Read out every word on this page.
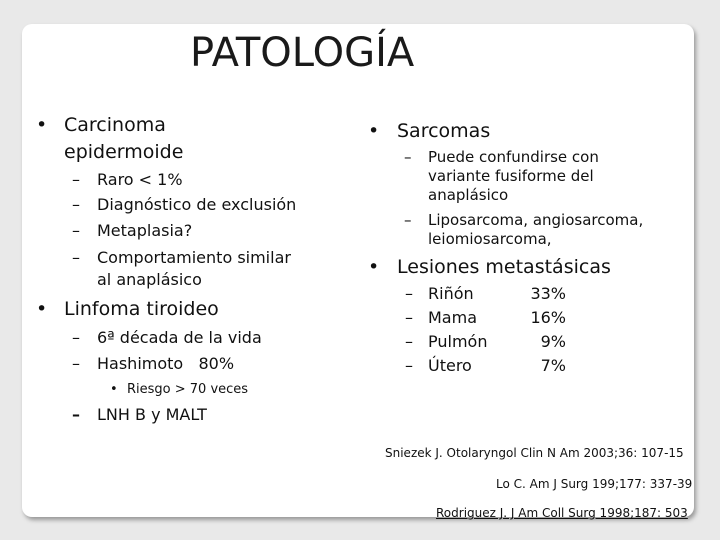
PATOLOGÍA
• Carcinoma
epidermoide
– Raro < 1%
– Diagnóstico de exclusión
– Metaplasia?
– Comportamiento similar
al anaplásico
• Linfoma tiroideo
– 6ª década de la vida
– Hashimoto   80%
• Riesgo > 70 veces
– LNH B y MALT
• Sarcomas
– Puede confundirse con
variante fusiforme del
anaplásico
– Liposarcoma, angiosarcoma,
leiomiosarcoma,
• Lesiones metastásicas
– Riñón	33%
– Mama	16%
– Pulmón	9%
– Útero	7%
Sniezek J. Otolaryngol Clin N Am 2003;36: 107-15
Lo C. Am J Surg 199;177: 337-39
Rodriguez J. J Am Coll Surg 1998;187: 503
